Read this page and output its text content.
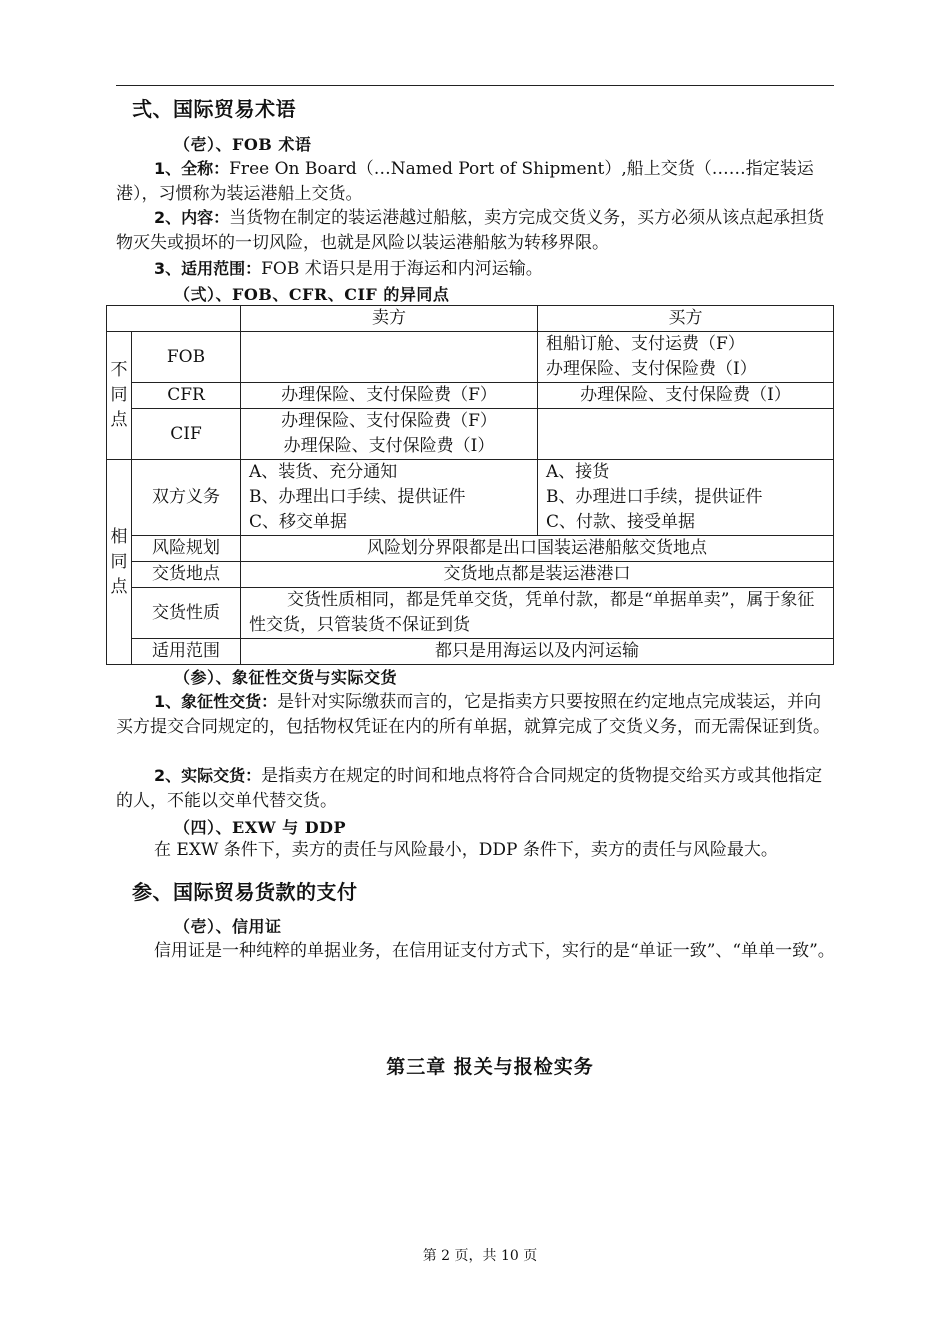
弍、国际贸易术语
（壱）、FOB 术语
1、全称：Free On Board（…Named Port of Shipment）,船上交货（……指定装运港），习惯称为装运港船上交货。
2、内容：当货物在制定的装运港越过船舷，卖方完成交货义务，买方必须从该点起承担货物灭失或损坏的一切风险，也就是风险以装运港船舷为转移界限。
3、适用范围：FOB 术语只是用于海运和内河运输。
（弍）、FOB、CFR、CIF 的异同点
		卖方	买方
不
同
点	FOB		租船订舱、支付运费（F）
办理保险、支付保险费（I）
	CFR	办理保险、支付保险费（F）	办理保险、支付保险费（I）
	CIF	办理保险、支付保险费（F）
办理保险、支付保险费（I）	
相
同
点	双方义务	A、装货、充分通知
B、办理出口手续、提供证件
C、移交单据	A、接货
B、办理进口手续，提供证件
C、付款、接受单据
	风险规划	风险划分界限都是出口国装运港船舷交货地点	
	交货地点	交货地点都是装运港港口	
	交货性质	交货性质相同，都是凭单交货，凭单付款，都是“单据单卖”，属于象征性交货，只管装货不保证到货	
	适用范围	都只是用海运以及内河运输	
（参）、象征性交货与实际交货
1、象征性交货：是针对实际缴获而言的，它是指卖方只要按照在约定地点完成装运，并向买方提交合同规定的，包括物权凭证在内的所有单据，就算完成了交货义务，而无需保证到货。
2、实际交货：是指卖方在规定的时间和地点将符合合同规定的货物提交给买方或其他指定的人，不能以交单代替交货。
（四）、EXW 与 DDP
在 EXW 条件下，卖方的责任与风险最小，DDP 条件下，卖方的责任与风险最大。
参、国际贸易货款的支付
（壱）、信用证
信用证是一种纯粹的单据业务，在信用证支付方式下，实行的是“单证一致”、“单单一致”。
第三章 报关与报检实务
第 2 页，共 10 页
